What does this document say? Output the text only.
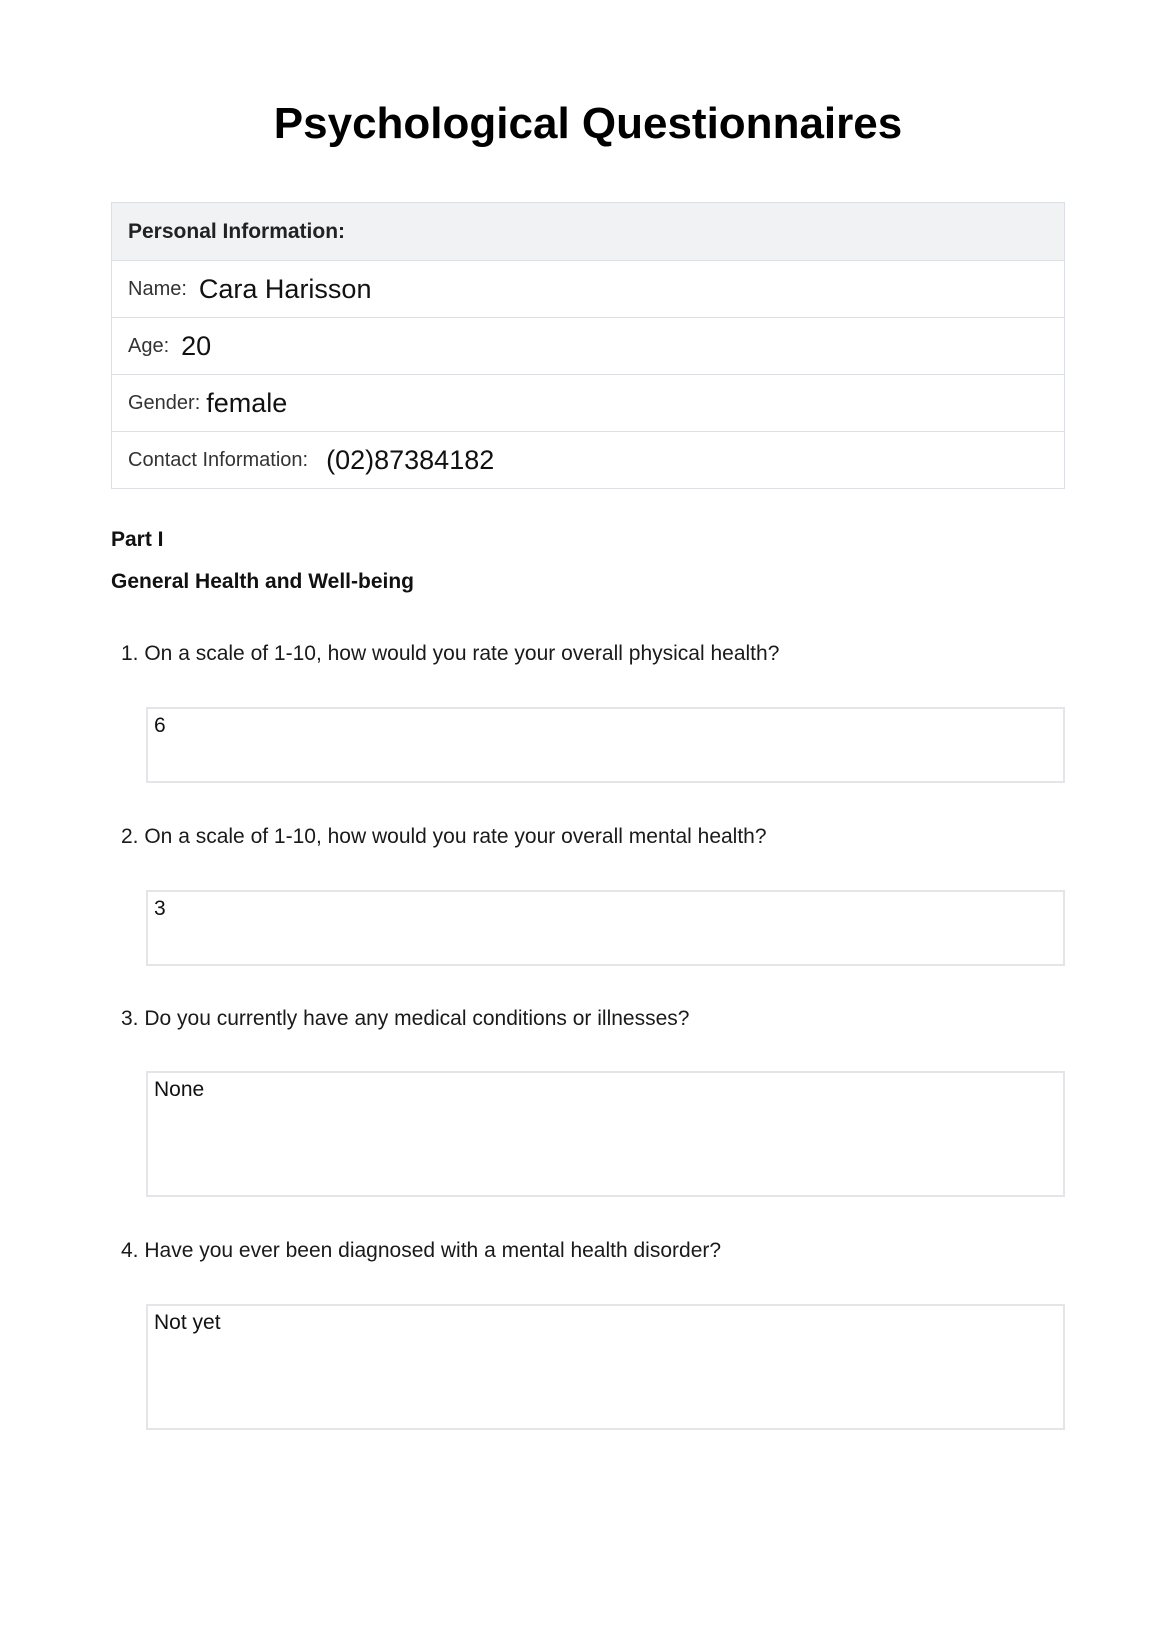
Psychological Questionnaires
Personal Information:
Name: Cara Harisson
Age: 20
Gender: female
Contact Information: (02)87384182
Part I
General Health and Well-being
1. On a scale of 1-10, how would you rate your overall physical health?
6
2. On a scale of 1-10, how would you rate your overall mental health?
3
3. Do you currently have any medical conditions or illnesses?
None
4. Have you ever been diagnosed with a mental health disorder?
Not yet
